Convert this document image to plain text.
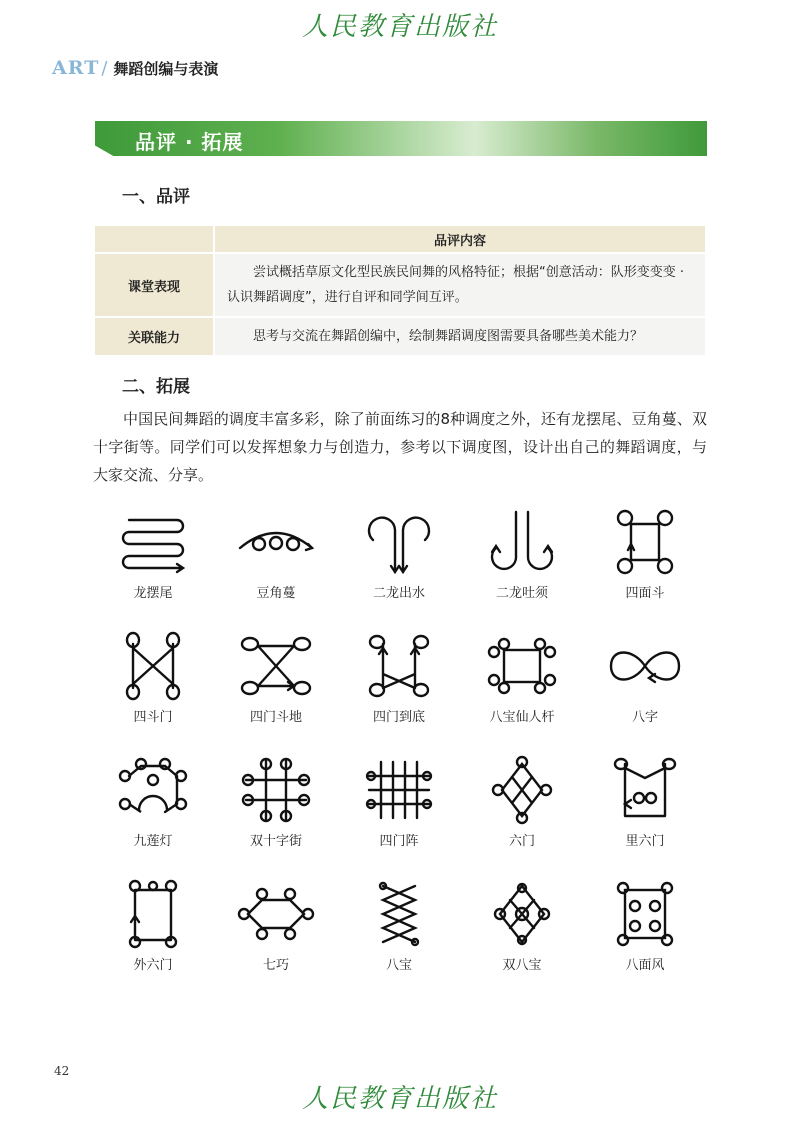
人民教育出版社
ART / 舞蹈创编与表演
品评 · 拓展
一、品评
	品评内容
课堂表现	尝试概括草原文化型民族民间舞的风格特征；根据“创意活动：队形变变变 · 认识舞蹈调度”，进行自评和同学间互评。
关联能力	思考与交流在舞蹈创编中，绘制舞蹈调度图需要具备哪些美术能力？
二、拓展

中国民间舞蹈的调度丰富多彩，除了前面练习的8种调度之外，还有龙摆尾、豆角蔓、双十字街等。同学们可以发挥想象力与创造力，参考以下调度图，设计出自己的舞蹈调度，与大家交流、分享。

龙摆尾	豆角蔓	二龙出水	二龙吐须	四面斗
四斗门	四门斗地	四门到底	八宝仙人杆	八字
九莲灯	双十字街	四门阵	六门	里六门
外六门	七巧	八宝	双八宝	八面风
42
人民教育出版社
